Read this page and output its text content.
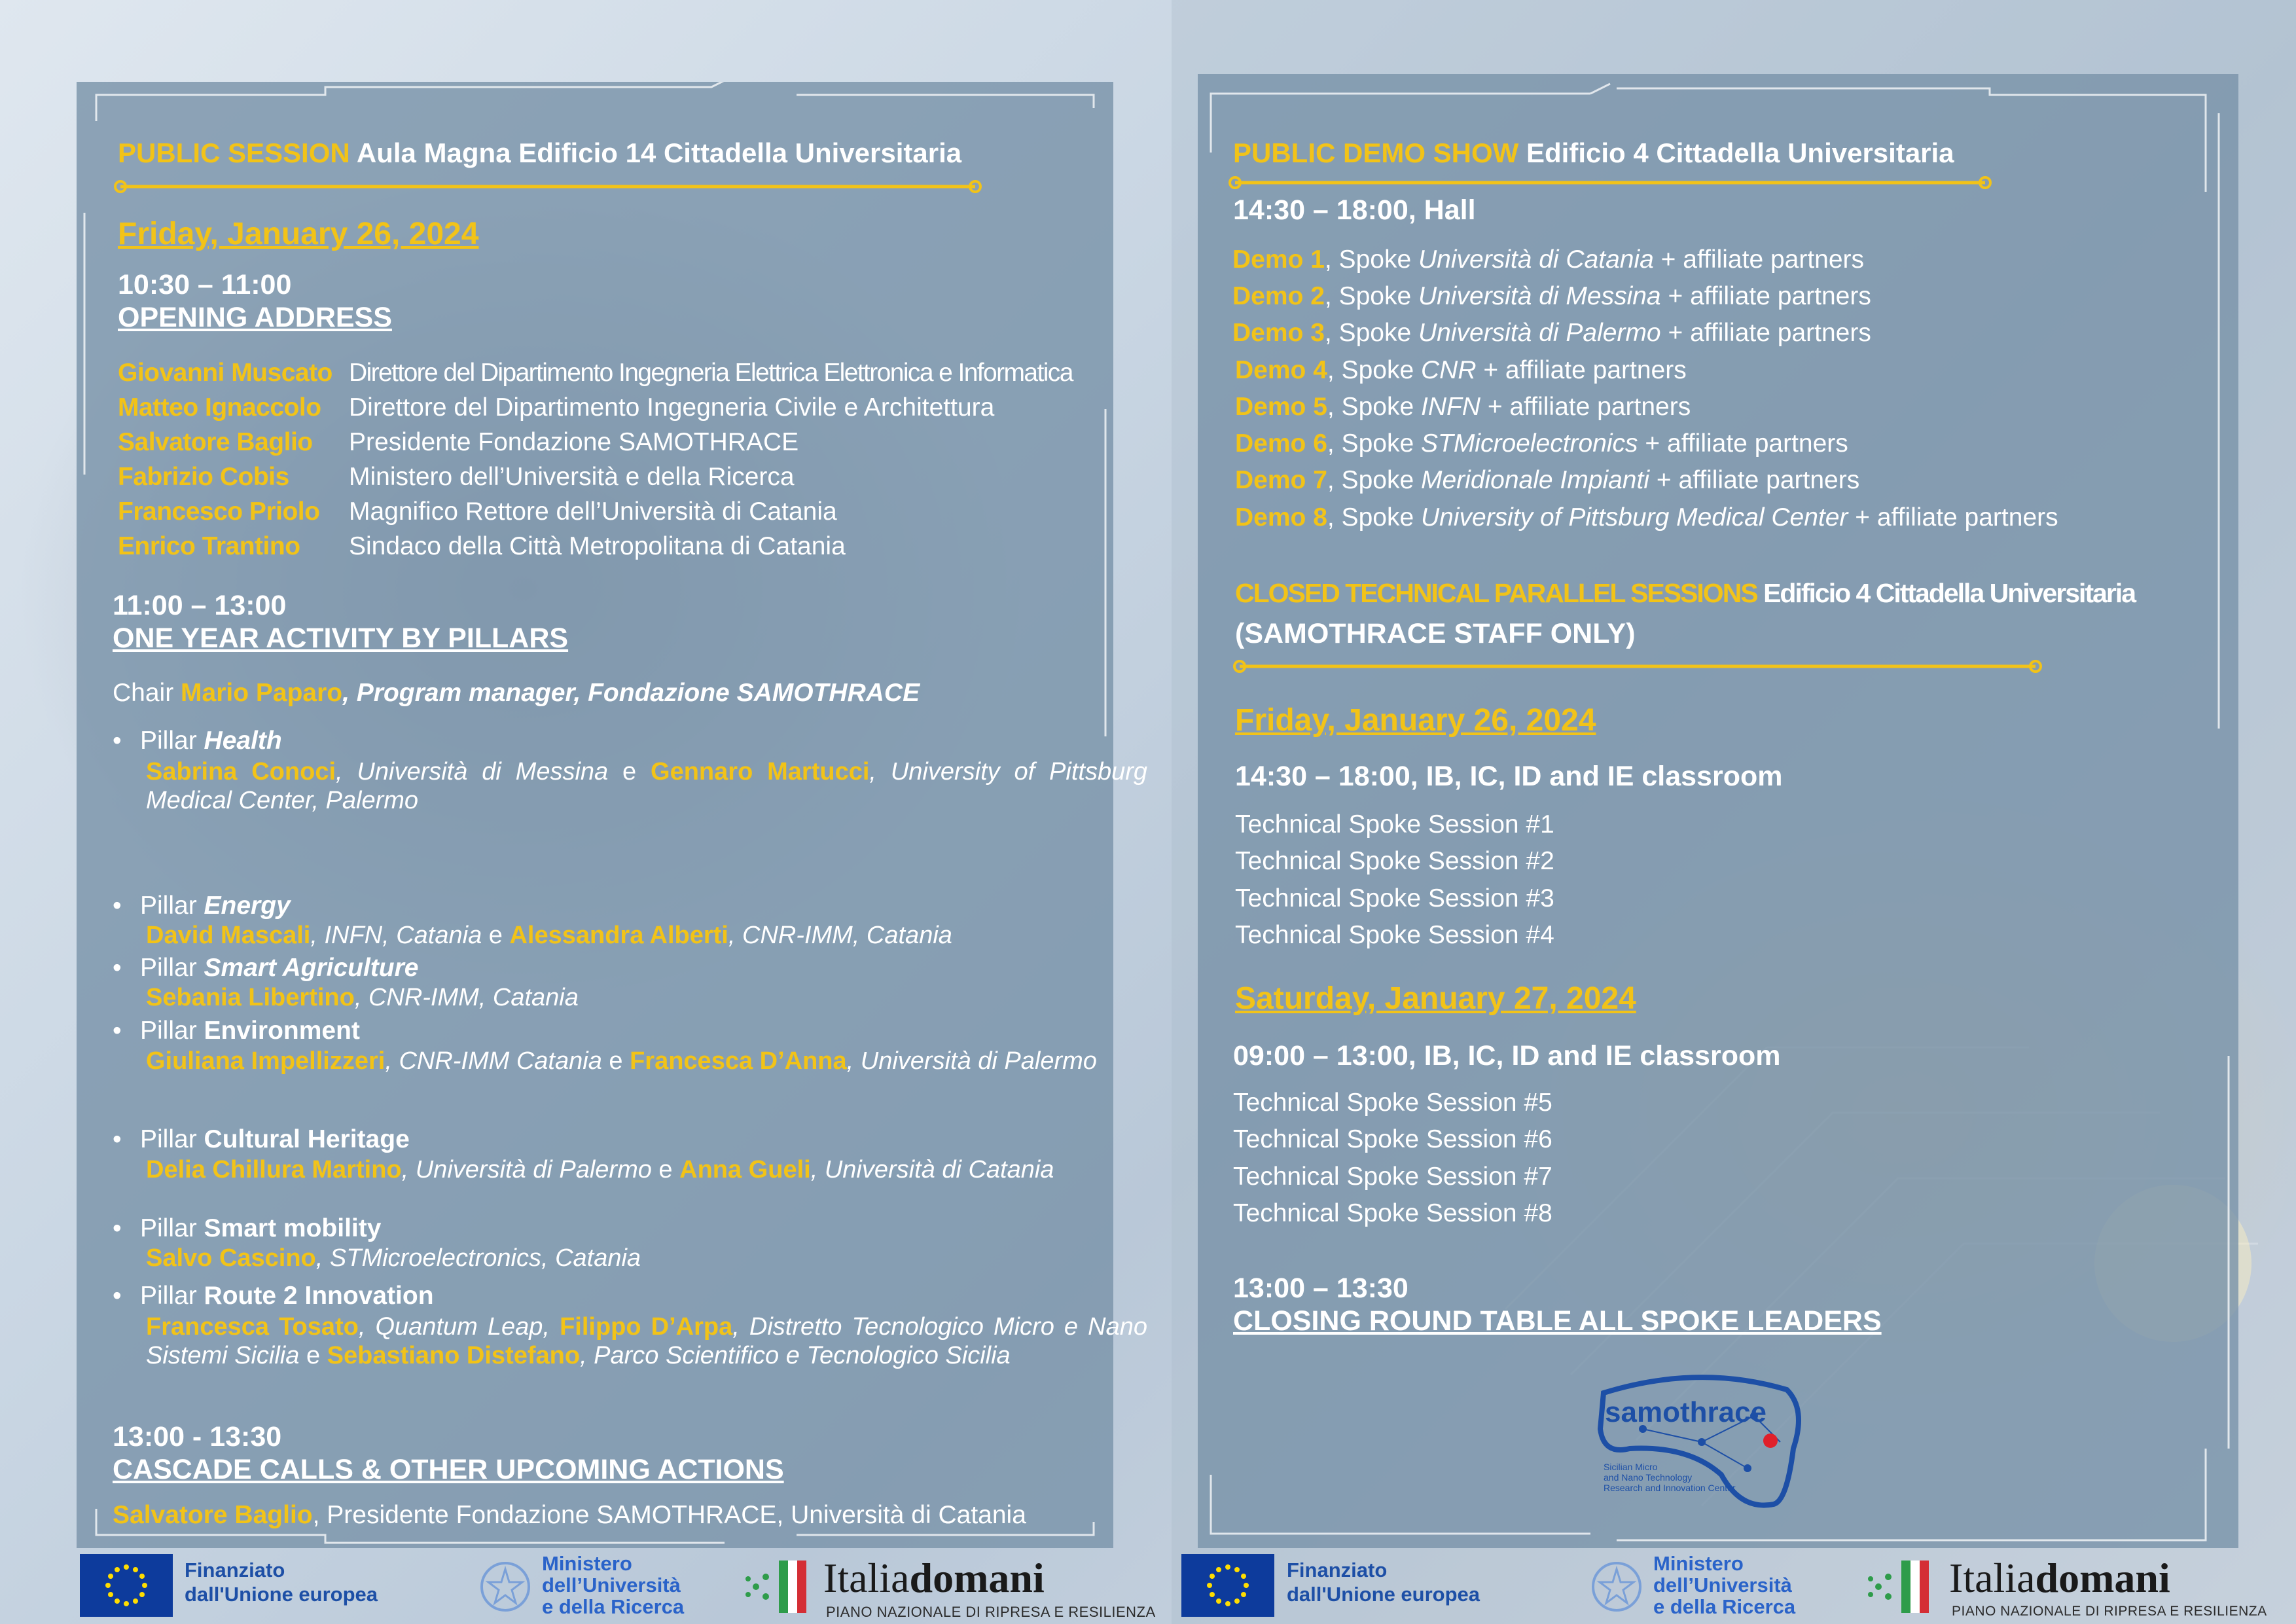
PUBLIC SESSION Aula Magna Edificio 14 Cittadella Universitaria
Friday, January 26, 2024
10:30 – 11:00
OPENING ADDRESS
Giovanni Muscato Direttore del Dipartimento Ingegneria Elettrica Elettronica e Informatica
Matteo Ignaccolo Direttore del Dipartimento Ingegneria Civile e Architettura
Salvatore Baglio Presidente Fondazione SAMOTHRACE
Fabrizio Cobis Ministero dell’Università e della Ricerca
Francesco Priolo Magnifico Rettore dell’Università di Catania
Enrico Trantino Sindaco della Città Metropolitana di Catania
11:00 – 13:00
ONE YEAR ACTIVITY BY PILLARS
Chair Mario Paparo, Program manager, Fondazione SAMOTHRACE
• Pillar Health
Sabrina Conoci, Università di Messina e Gennaro Martucci, University of Pittsburg Medical Center, Palermo
• Pillar Energy
David Mascali, INFN, Catania e Alessandra Alberti, CNR-IMM, Catania
• Pillar Smart Agriculture
Sebania Libertino, CNR-IMM, Catania
• Pillar Environment
Giuliana Impellizzeri, CNR-IMM Catania e Francesca D’Anna, Università di Palermo
• Pillar Cultural Heritage
Delia Chillura Martino, Università di Palermo e Anna Gueli, Università di Catania
• Pillar Smart mobility
Salvo Cascino, STMicroelectronics, Catania
• Pillar Route 2 Innovation
Francesca Tosato, Quantum Leap, Filippo D’Arpa, Distretto Tecnologico Micro e Nano Sistemi Sicilia e Sebastiano Distefano, Parco Scientifico e Tecnologico Sicilia
13:00 - 13:30
CASCADE CALLS & OTHER UPCOMING ACTIONS
Salvatore Baglio, Presidente Fondazione SAMOTHRACE, Università di Catania
PUBLIC DEMO SHOW Edificio 4 Cittadella Universitaria
14:30 – 18:00, Hall
Demo 1, Spoke Università di Catania + affiliate partners
Demo 2, Spoke Università di Messina + affiliate partners
Demo 3, Spoke Università di Palermo + affiliate partners
Demo 4, Spoke CNR + affiliate partners
Demo 5, Spoke INFN + affiliate partners
Demo 6, Spoke STMicroelectronics + affiliate partners
Demo 7, Spoke Meridionale Impianti + affiliate partners
Demo 8, Spoke University of Pittsburg Medical Center + affiliate partners
CLOSED TECHNICAL PARALLEL SESSIONS Edificio 4 Cittadella Universitaria
(SAMOTHRACE STAFF ONLY)
Friday, January 26, 2024
14:30 – 18:00, IB, IC, ID and IE classroom
Technical Spoke Session #1
Technical Spoke Session #2
Technical Spoke Session #3
Technical Spoke Session #4
Saturday, January 27, 2024
09:00 – 13:00, IB, IC, ID and IE classroom
Technical Spoke Session #5
Technical Spoke Session #6
Technical Spoke Session #7
Technical Spoke Session #8
13:00 – 13:30
CLOSING ROUND TABLE ALL SPOKE LEADERS
samothrace
Sicilian Micro
and Nano Technology
Research and Innovation Center
Finanziato
dall'Unione europea
Ministero
dell’Università
e della Ricerca
Italiadomani
PIANO NAZIONALE DI RIPRESA E RESILIENZA
Finanziato
dall'Unione europea
Ministero
dell’Università
e della Ricerca
Italiadomani
PIANO NAZIONALE DI RIPRESA E RESILIENZA
